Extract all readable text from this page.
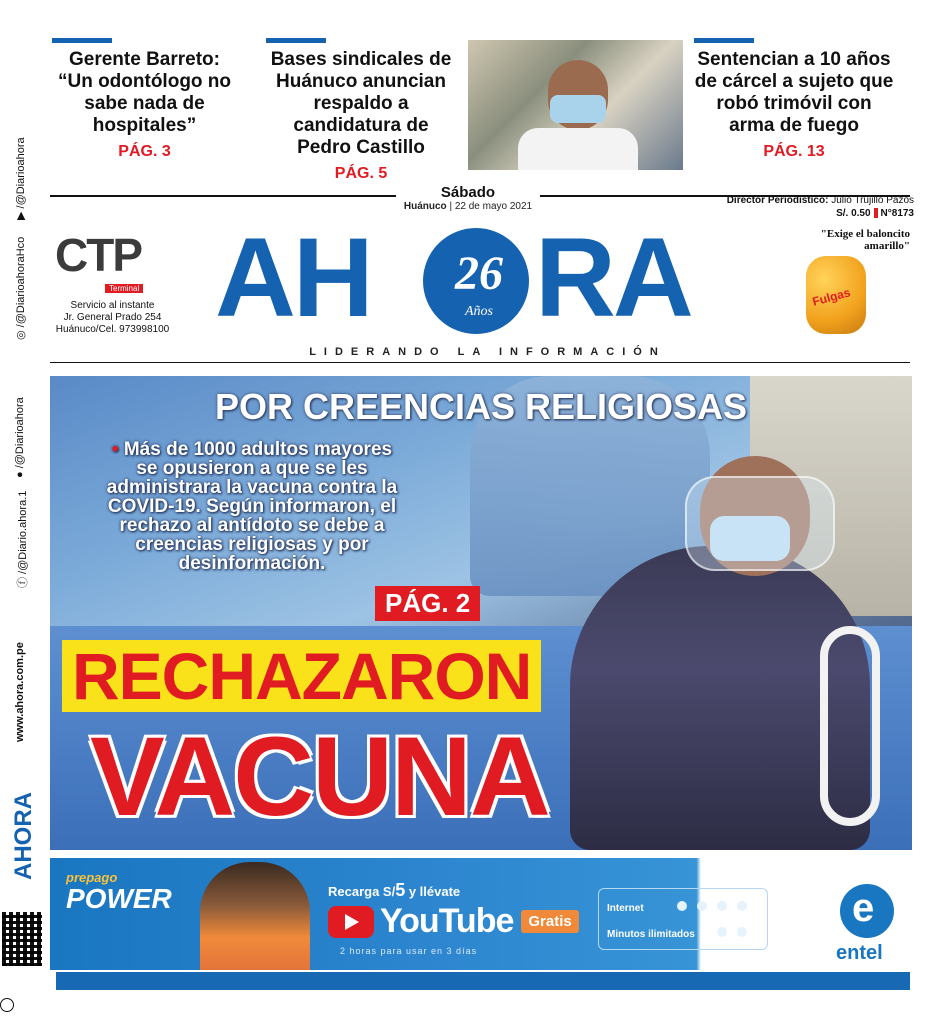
Gerente Barreto: “Un odontólogo no sabe nada de hospitales”
PÁG. 3
Bases sindicales de Huánuco anuncian respaldo a candidatura de Pedro Castillo
PÁG. 5
Sentencian a 10 años de cárcel a sujeto que robó trimóvil con arma de fuego
PÁG. 13
Sábado
Huánuco | 22 de mayo 2021
Director Periodístico: Julio Trujillo Pazos
S/. 0.50 N°8173
CTP
Terminal
Servicio al instante
Jr. General Prado 254
Huánuco/Cel. 973998100 AH	26
Años RA
LIDERANDO LA INFORMACIÓN
"Exige el baloncito amarillo"
Fulgas
www.ahora.com.pe
ⓕ /@Diario.ahora.1
● /@Diarioahora
◎ /@DiarioahoraHco
▶ /@Diarioahora
AHORA
POR CREENCIAS RELIGIOSAS
• Más de 1000 adultos mayores se opusieron a que se les administrara la vacuna contra la COVID-19. Según informaron, el rechazo al antídoto se debe a creencias religiosas y por desinformación.
PÁG. 2
RECHAZARON
VACUNA
prepago
POWER	Recarga S/5 y llévate
YouTube	Gratis
2 horas para usar en 3 días
Internet
Minutos ilimitados
e
entel
